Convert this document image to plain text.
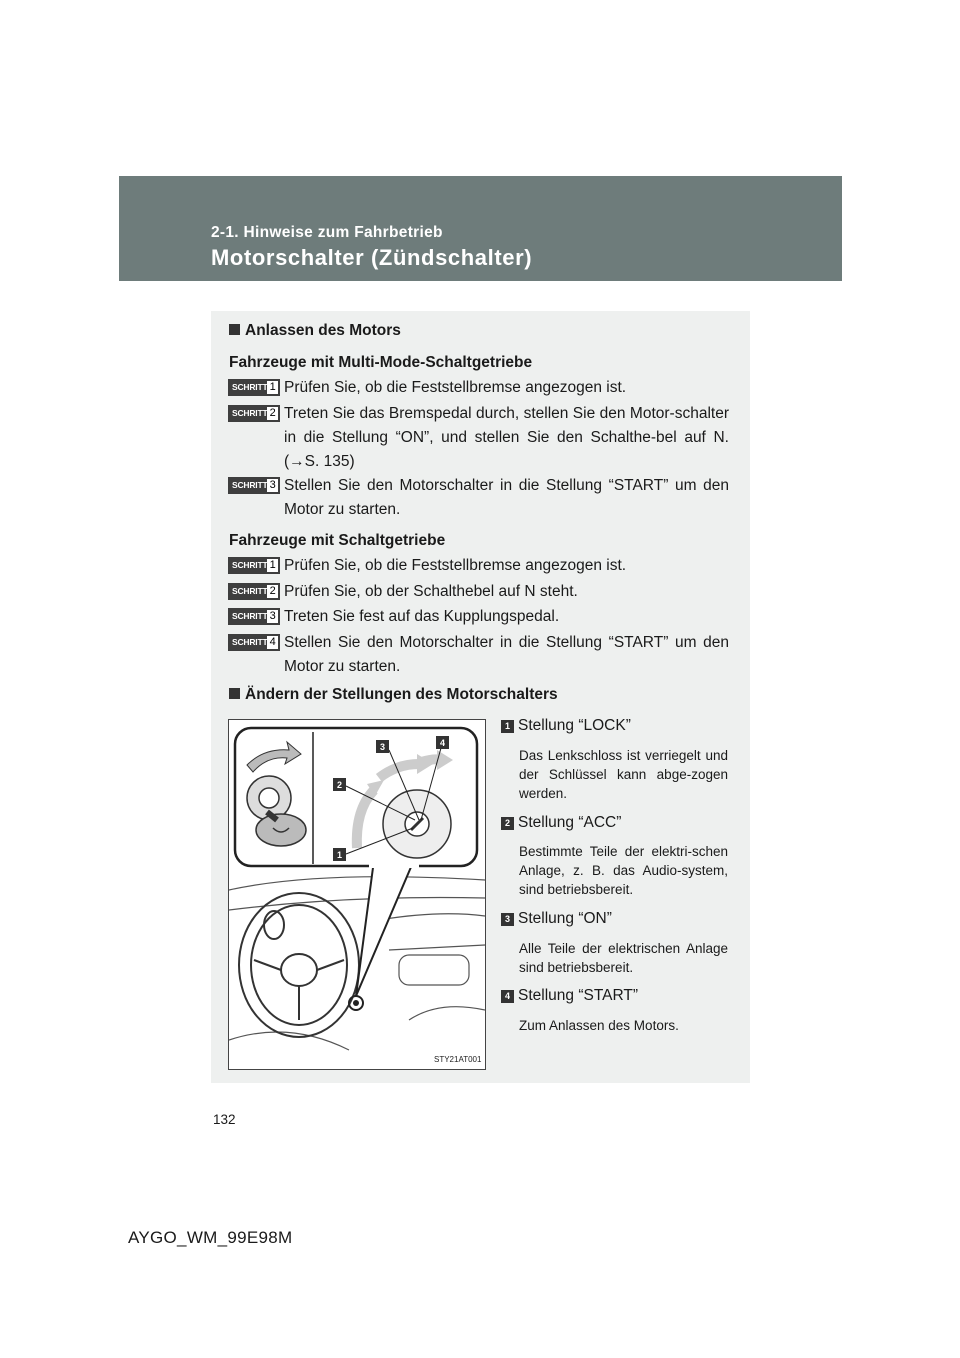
2-1. Hinweise zum Fahrbetrieb
Motorschalter (Zündschalter)
Anlassen des Motors
Fahrzeuge mit Multi-Mode-Schaltgetriebe
SCHRITT 1 Prüfen Sie, ob die Feststellbremse angezogen ist.
SCHRITT 2 Treten Sie das Bremspedal durch, stellen Sie den Motor-schalter in die Stellung “ON”, und stellen Sie den Schalthe-bel auf N. (→S. 135)
SCHRITT 3 Stellen Sie den Motorschalter in die Stellung “START” um den Motor zu starten.
Fahrzeuge mit Schaltgetriebe
SCHRITT 1 Prüfen Sie, ob die Feststellbremse angezogen ist.
SCHRITT 2 Prüfen Sie, ob der Schalthebel auf N steht.
SCHRITT 3 Treten Sie fest auf das Kupplungspedal.
SCHRITT 4 Stellen Sie den Motorschalter in die Stellung “START” um den Motor zu starten.
Ändern der Stellungen des Motorschalters
1
2
3	4
STY21AT001
1 Stellung “LOCK”
Das Lenkschloss ist verriegelt und der Schlüssel kann abge-zogen werden.
2 Stellung “ACC”
Bestimmte Teile der elektri-schen Anlage, z. B. das Audio-system, sind betriebsbereit.
3 Stellung “ON”
Alle Teile der elektrischen Anlage sind betriebsbereit.
4 Stellung “START”
Zum Anlassen des Motors.
132
AYGO_WM_99E98M
